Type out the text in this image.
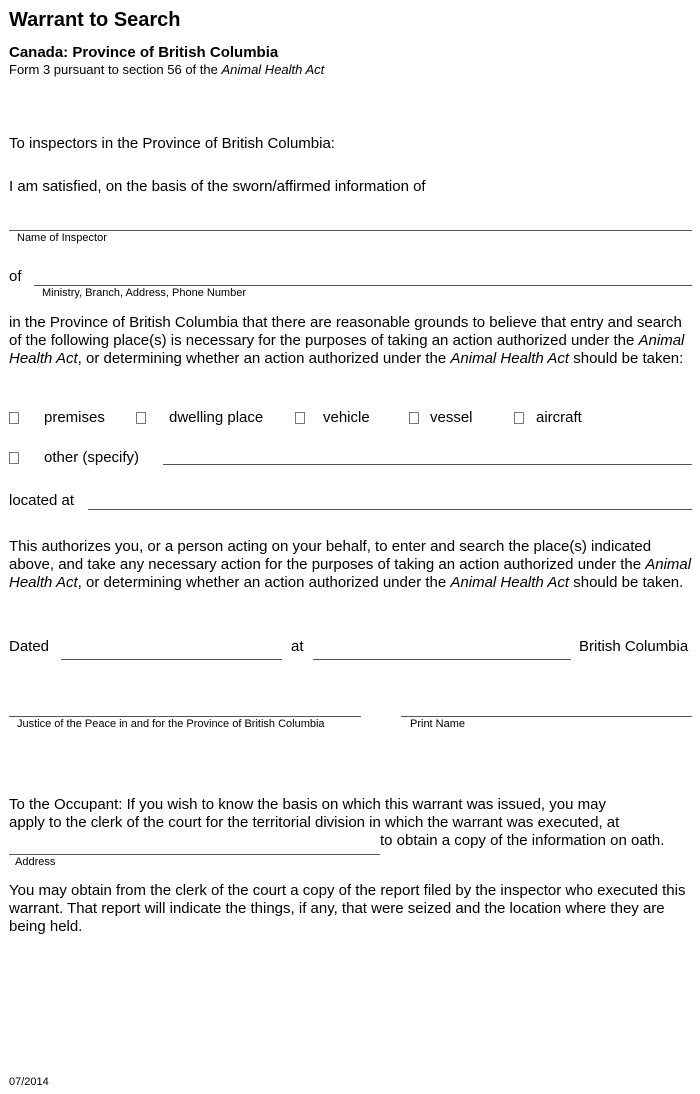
Warrant to Search
Canada: Province of British Columbia
Form 3 pursuant to section 56 of the Animal Health Act
To inspectors in the Province of British Columbia:
I am satisfied, on the basis of the sworn/affirmed information of
Name of Inspector
of
Ministry, Branch, Address, Phone Number
in the Province of British Columbia that there are reasonable grounds to believe that entry and search of the following place(s) is necessary for the purposes of taking an action authorized under the Animal Health Act, or determining whether an action authorized under the Animal Health Act should be taken:
premises	dwelling place	vehicle	vessel	aircraft
other (specify)
located at
This authorizes you, or a person acting on your behalf, to enter and search the place(s) indicated above, and take any necessary action for the purposes of taking an action authorized under the Animal Health Act, or determining whether an action authorized under the Animal Health Act should be taken.
Dated	at	British Columbia
Justice of the Peace in and for the Province of British Columbia	Print Name
To the Occupant: If you wish to know the basis on which this warrant was issued, you may
apply to the clerk of the court for the territorial division in which the warrant was executed, at
to obtain a copy of the information on oath.
Address
You may obtain from the clerk of the court a copy of the report filed by the inspector who executed this warrant. That report will indicate the things, if any, that were seized and the location where they are being held.
07/2014
